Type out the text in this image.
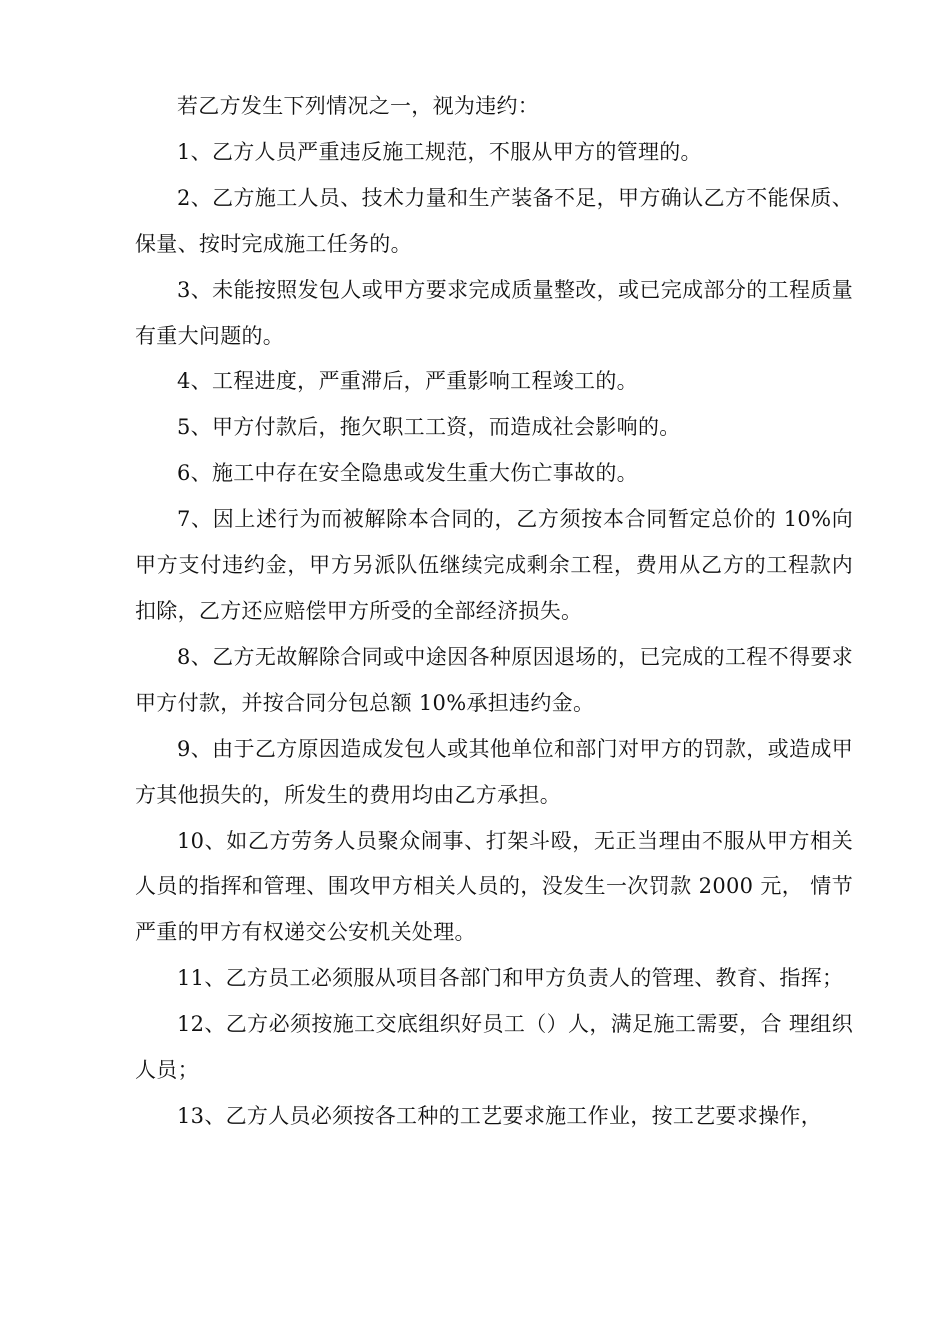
若乙方发生下列情况之一，视为违约：

1、乙方人员严重违反施工规范，不服从甲方的管理的。

2、乙方施工人员、技术力量和生产装备不足，甲方确认乙方不能保质、保量、按时完成施工任务的。

3、未能按照发包人或甲方要求完成质量整改，或已完成部分的工程质量有重大问题的。

4、工程进度，严重滞后，严重影响工程竣工的。

5、甲方付款后，拖欠职工工资，而造成社会影响的。

6、施工中存在安全隐患或发生重大伤亡事故的。

7、因上述行为而被解除本合同的，乙方须按本合同暂定总价的 10%向甲方支付违约金，甲方另派队伍继续完成剩余工程，费用从乙方的工程款内扣除，乙方还应赔偿甲方所受的全部经济损失。

8、乙方无故解除合同或中途因各种原因退场的，已完成的工程不得要求甲方付款，并按合同分包总额 10%承担违约金。

9、由于乙方原因造成发包人或其他单位和部门对甲方的罚款，或造成甲方其他损失的，所发生的费用均由乙方承担。

10、如乙方劳务人员聚众闹事、打架斗殴，无正当理由不服从甲方相关人员的指挥和管理、围攻甲方相关人员的，没发生一次罚款 2000 元， 情节严重的甲方有权递交公安机关处理。

11、乙方员工必须服从项目各部门和甲方负责人的管理、教育、指挥；

12、乙方必须按施工交底组织好员工（）人，满足施工需要，合 理组织人员；

13、乙方人员必须按各工种的工艺要求施工作业，按工艺要求操作，
